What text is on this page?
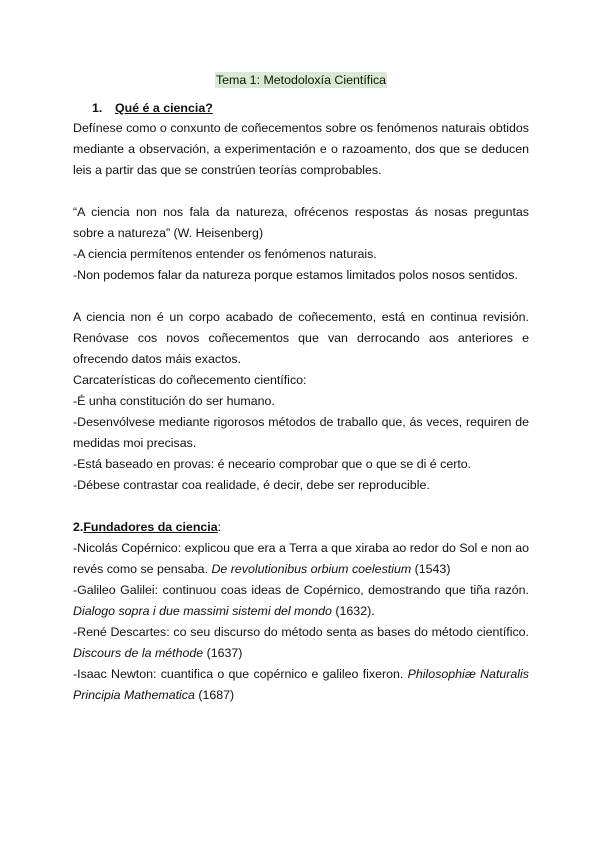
Tema 1: Metodoloxía Científica
1. Qué é a ciencia?

Defínese como o conxunto de coñecementos sobre os fenómenos naturais obtidos mediante a observación, a experimentación e o razoamento, dos que se deducen leis a partir das que se constrúen teorías comprobables.

“A ciencia non nos fala da natureza, ofrécenos respostas ás nosas preguntas sobre a natureza” (W. Heisenberg)

-A ciencia permítenos entender os fenómenos naturais.

-Non podemos falar da natureza porque estamos limitados polos nosos sentidos.

A ciencia non é un corpo acabado de coñecemento, está en continua revisión. Renóvase cos novos coñecementos que van derrocando aos anteriores e ofrecendo datos máis exactos.

Carcaterísticas do coñecemento científico:

-É unha constitución do ser humano.

-Desenvólvese mediante rigorosos métodos de traballo que, ás veces, requiren de medidas moi precisas.

-Está baseado en provas: é neceario comprobar que o que se di é certo.

-Débese contrastar coa realidade, é decir, debe ser reproducible.

2.Fundadores da ciencia:

-Nicolás Copérnico: explicou que era a Terra a que xiraba ao redor do Sol e non ao revés como se pensaba. De revolutionibus orbium coelestium (1543)

-Galileo Galilei: continuou coas ideas de Copérnico, demostrando que tiña razón. Dialogo sopra i due massimi sistemi del mondo (1632).

-René Descartes: co seu discurso do método senta as bases do método científico. Discours de la méthode (1637)

-Isaac Newton: cuantifica o que copérnico e galileo fixeron. Philosophiæ Naturalis Principia Mathematica (1687)
